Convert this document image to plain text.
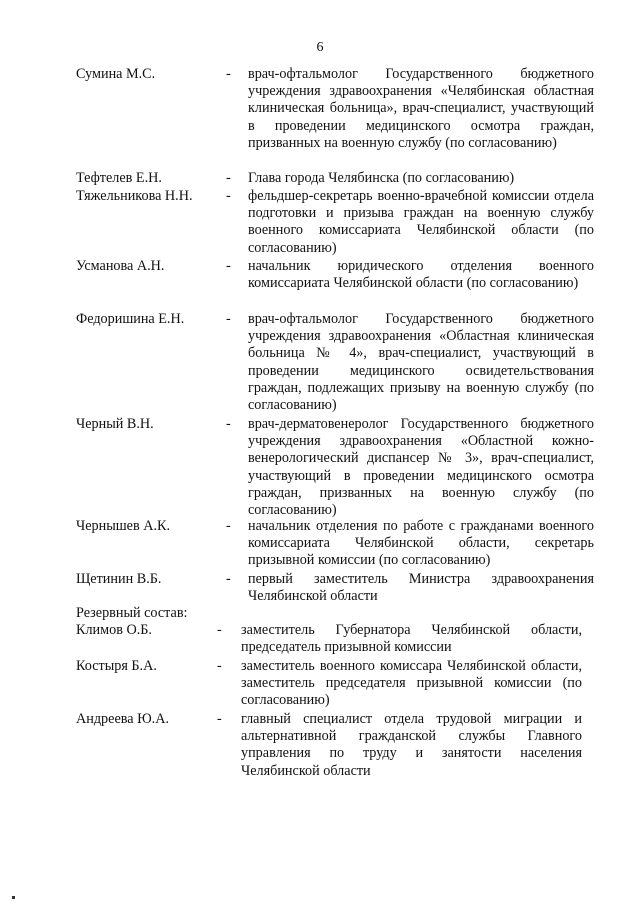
6
Сумина М.С.	- врач-офтальмолог Государственного бюджетного учреждения здравоохранения «Челябинская областная клиническая больница», врач-специалист, участвующий в проведении медицинского осмотра граждан, призванных на военную службу (по согласованию)
Тефтелев Е.Н.	- Глава города Челябинска (по согласованию)
Тяжельникова Н.Н. - фельдшер-секретарь военно-врачебной комиссии отдела подготовки и призыва граждан на военную службу военного комиссариата Челябинской области (по согласованию)
Усманова А.Н.	- начальник юридического отделения военного комиссариата Челябинской области (по согласованию)
Федоришина Е.Н.	- врач-офтальмолог Государственного бюджетного учреждения здравоохранения «Областная клиническая больница № 4», врач-специалист, участвующий в проведении медицинского освидетельствования граждан, подлежащих призыву на военную службу (по согласованию)
Черный В.Н.	- врач-дерматовенеролог Государственного бюджетного учреждения здравоохранения «Областной кожно-венерологический диспансер № 3», врач-специалист, участвующий в проведении медицинского осмотра граждан, призванных на военную службу (по согласованию)
Чернышев А.К.	- начальник отделения по работе с гражданами военного комиссариата Челябинской области, секретарь призывной комиссии (по согласованию)
Щетинин В.Б.	- первый заместитель Министра здравоохранения Челябинской области
Резервный состав:
Климов О.Б.	- заместитель Губернатора Челябинской области, председатель призывной комиссии
Костыря Б.А.	- заместитель военного комиссара Челябинской области, заместитель председателя призывной комиссии (по согласованию)
Андреева Ю.А.	- главный специалист отдела трудовой миграции и альтернативной гражданской службы Главного управления по труду и занятости населения Челябинской области
